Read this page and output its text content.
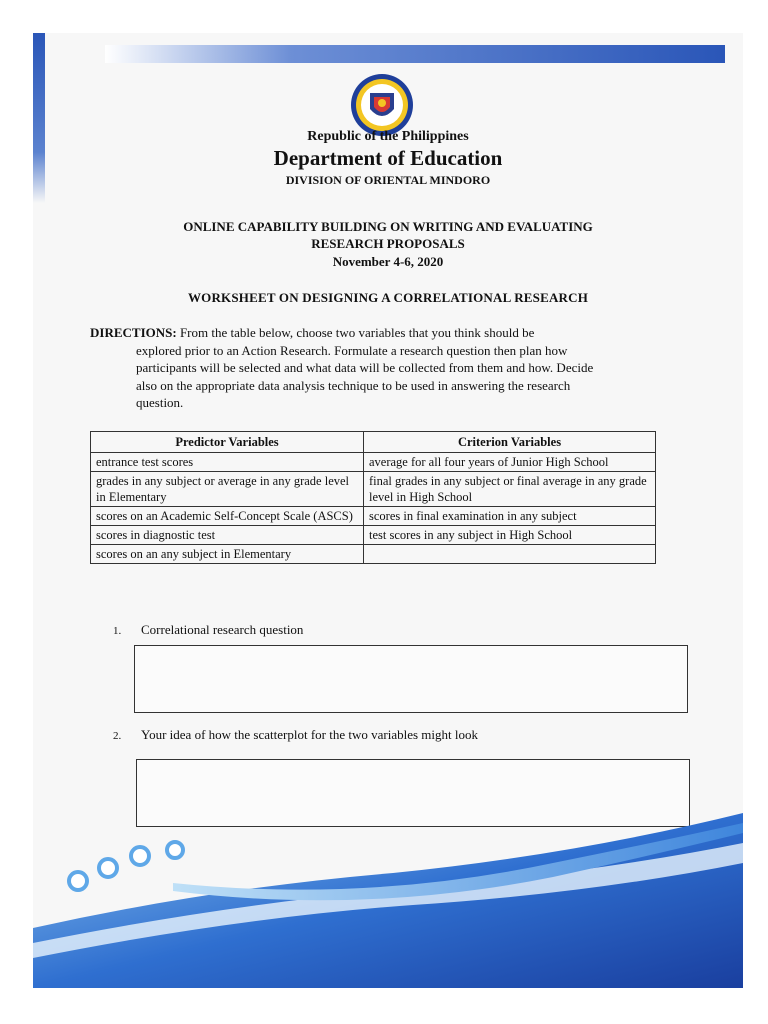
Republic of the Philippines
Department of Education
DIVISION OF ORIENTAL MINDORO
ONLINE CAPABILITY BUILDING ON WRITING AND EVALUATING
RESEARCH PROPOSALS
November 4-6, 2020
WORKSHEET ON DESIGNING A CORRELATIONAL RESEARCH
DIRECTIONS: From the table below, choose two variables that you think should be
explored prior to an Action Research. Formulate a research question then plan how
participants will be selected and what data will be collected from them and how. Decide
also on the appropriate data analysis technique to be used in answering the research
question.
Predictor Variables	Criterion Variables
entrance test scores	average for all four years of Junior High School
grades in any subject or average in any grade level in Elementary	final grades in any subject or final average in any grade level in High School
scores on an Academic Self-Concept Scale (ASCS)	scores in final examination in any subject
scores in diagnostic test	test scores in any subject in High School
scores on an any subject in Elementary	
1. Correlational research question
2. Your idea of how the scatterplot for the two variables might look
